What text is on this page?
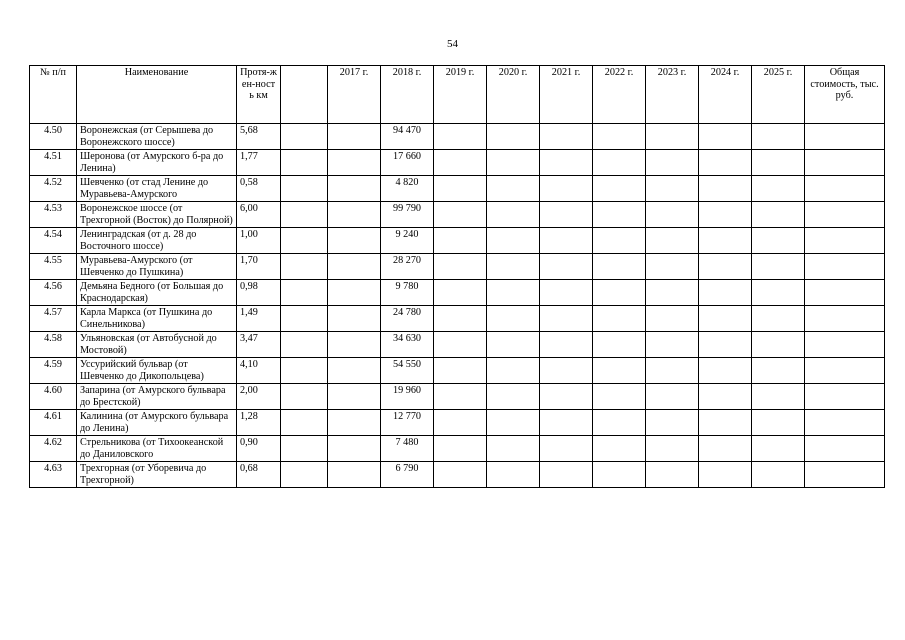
54
№ п/п	Наименование	Протя-жен-ность км		2017 г.	2018 г.	2019 г.	2020 г.	2021 г.	2022 г.	2023 г.	2024 г.	2025 г.	Общая стоимость, тыс. руб.
4.50	Воронежская (от Серышева до Воронежского шоссе)	5,68			94 470								
4.51	Шеронова (от Амурского б-ра до Ленина)	1,77			17 660								
4.52	Шевченко (от стад Ленине до Муравьева-Амурского	0,58			4 820								
4.53	Воронежское шоссе (от Трехгорной (Восток) до Полярной)	6,00			99 790								
4.54	Ленинградская (от д. 28 до Восточного шоссе)	1,00			9 240								
4.55	Муравьева-Амурского (от Шевченко до Пушкина)	1,70			28 270								
4.56	Демьяна Бедного (от Большая до Краснодарская)	0,98			9 780								
4.57	Карла Маркса (от Пушкина до Синельникова)	1,49			24 780								
4.58	Ульяновская (от Автобусной до Мостовой)	3,47			34 630								
4.59	Уссурийский бульвар (от Шевченко до Дикопольцева)	4,10			54 550								
4.60	Запарина (от Амурского бульвара до Брестской)	2,00			19 960								
4.61	Калинина (от Амурского бульвара до Ленина)	1,28			12 770								
4.62	Стрельникова (от Тихоокеанской до Даниловского	0,90			7 480								
4.63	Трехгорная (от Уборевича до Трехгорной)	0,68			6 790								
